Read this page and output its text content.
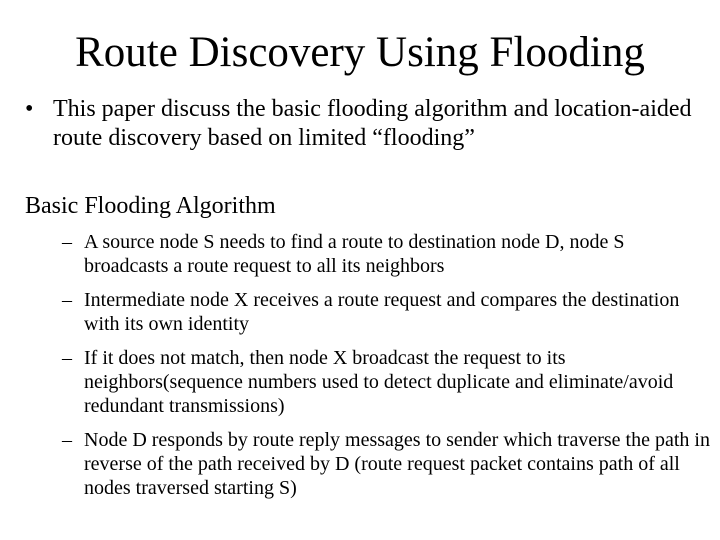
Route Discovery Using Flooding
• This paper discuss the basic flooding algorithm and location-aided route discovery based on limited “flooding”
Basic Flooding Algorithm
– A source node S needs to find a route to destination node D, node S broadcasts a route request to all its neighbors
– Intermediate node X receives a route request and compares the destination with its own identity
– If it does not match, then node X broadcast the request to its neighbors(sequence numbers used to detect duplicate and eliminate/avoid redundant transmissions)
– Node D responds by route reply messages to sender which traverse the path in reverse of the path received by D (route request packet contains path of all nodes traversed starting S)
